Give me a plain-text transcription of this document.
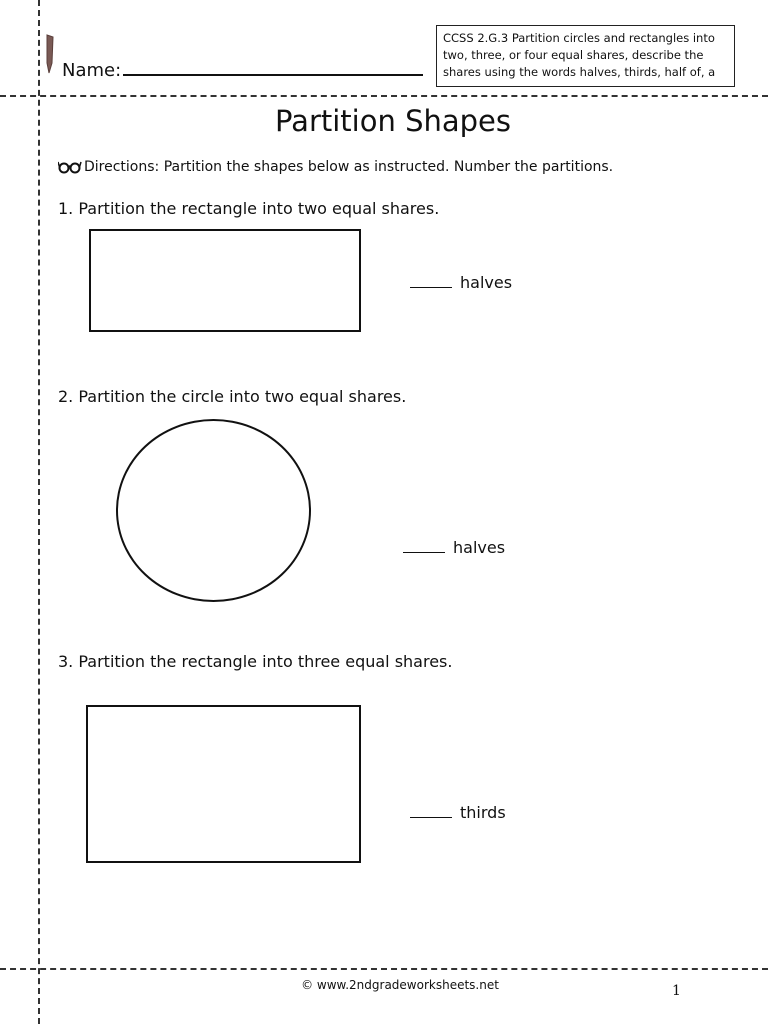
Name:
CCSS 2.G.3 Partition circles and rectangles into two, three, or four equal shares, describe the shares using the words halves, thirds, half of, a
Partition Shapes
Directions: Partition the shapes below as instructed. Number the partitions.
1. Partition the rectangle into two equal shares.
halves
2. Partition the circle into two equal shares.
halves
3. Partition the rectangle into three equal shares.
thirds
© www.2ndgradeworksheets.net	1
